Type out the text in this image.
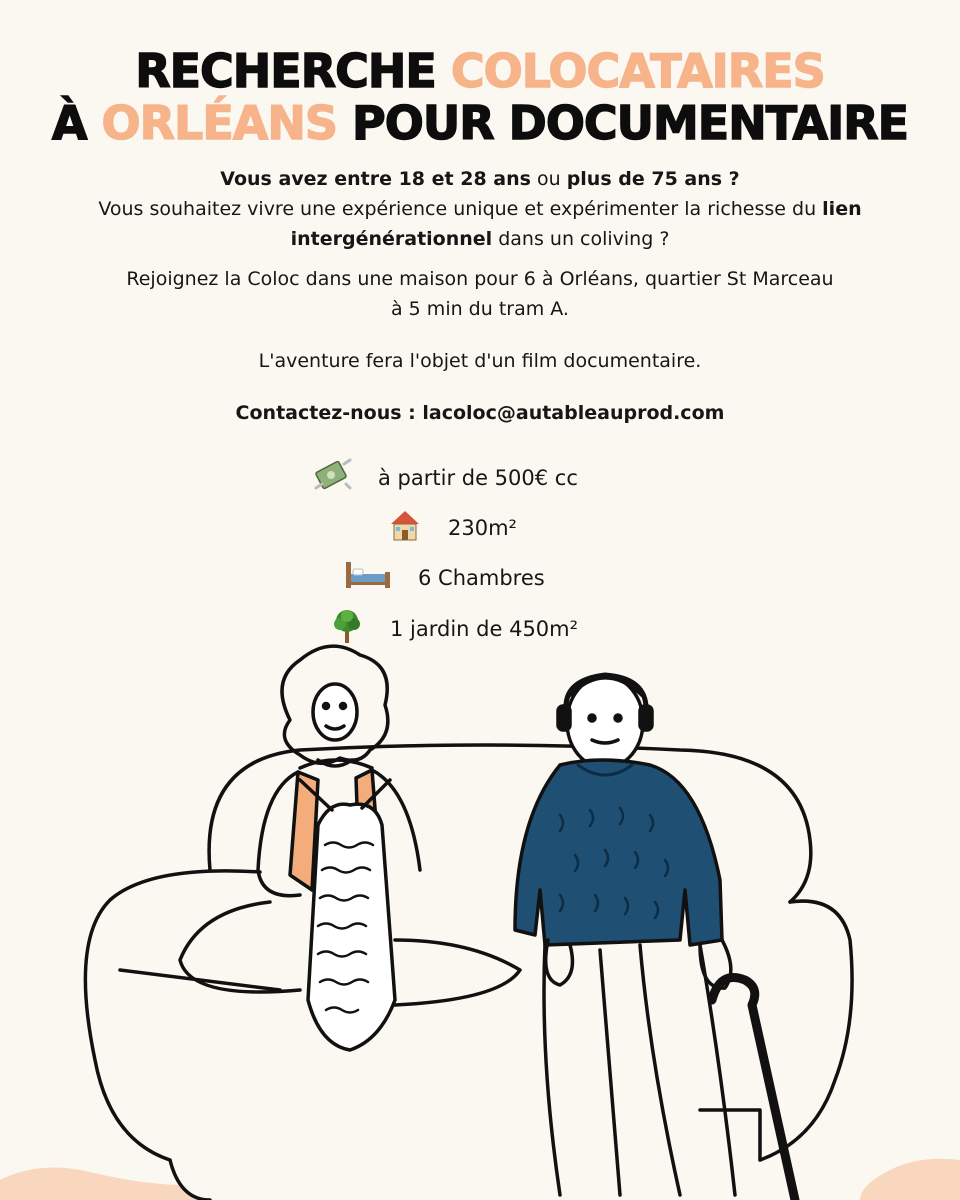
RECHERCHE COLOCATAIRES
À ORLÉANS POUR DOCUMENTAIRE
Vous avez entre 18 et 28 ans ou plus de 75 ans ?
Vous souhaitez vivre une expérience unique et expérimenter la richesse du lien intergénérationnel dans un coliving ?
Rejoignez la Coloc dans une maison pour 6 à Orléans, quartier St Marceau
à 5 min du tram A.
L'aventure fera l'objet d'un film documentaire.
Contactez-nous : lacoloc@autableauprod.com
à partir de 500€ cc
230m²
6 Chambres
1 jardin de 450m²
